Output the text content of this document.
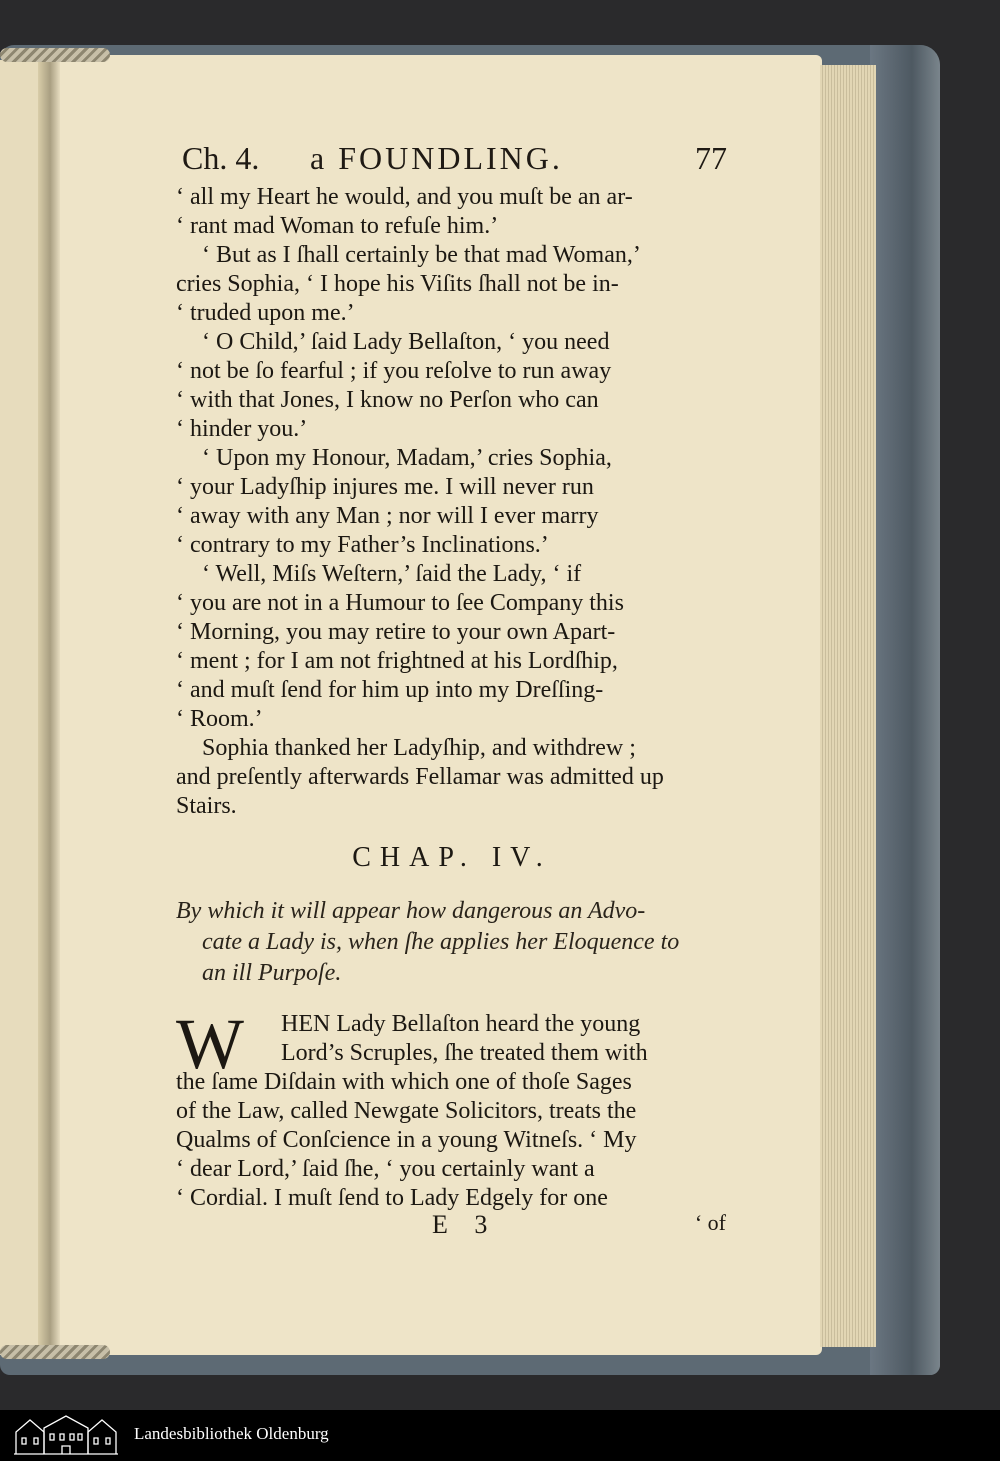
Ch. 4. a FOUNDLING.	77
‘ all my Heart he would, and you muſt be an ar-
‘ rant mad Woman to refuſe him.’
‘ But as I ſhall certainly be that mad Woman,’
cries Sophia, ‘ I hope his Viſits ſhall not be in-
‘ truded upon me.’
‘ O Child,’ ſaid Lady Bellaſton, ‘ you need
‘ not be ſo fearful ; if you reſolve to run away
‘ with that Jones, I know no Perſon who can
‘ hinder you.’
‘ Upon my Honour, Madam,’ cries Sophia,
‘ your Ladyſhip injures me. I will never run
‘ away with any Man ; nor will I ever marry
‘ contrary to my Father’s Inclinations.’
‘ Well, Miſs Weſtern,’ ſaid the Lady, ‘ if
‘ you are not in a Humour to ſee Company this
‘ Morning, you may retire to your own Apart-
‘ ment ; for I am not frightned at his Lordſhip,
‘ and muſt ſend for him up into my Dreſſing-
‘ Room.’
Sophia thanked her Ladyſhip, and withdrew ;
and preſently afterwards Fellamar was admitted up
Stairs.
CHAP. IV.
By which it will appear how dangerous an Advo-
cate a Lady is, when ſhe applies her Eloquence to
an ill Purpoſe.
W	HEN Lady Bellaſton heard the young
Lord’s Scruples, ſhe treated them with
the ſame Diſdain with which one of thoſe Sages
of the Law, called Newgate Solicitors, treats the
Qualms of Conſcience in a young Witneſs. ‘ My
‘ dear Lord,’ ſaid ſhe, ‘ you certainly want a
‘ Cordial. I muſt ſend to Lady Edgely for one
E 3	‘ of
Landesbibliothek Oldenburg
